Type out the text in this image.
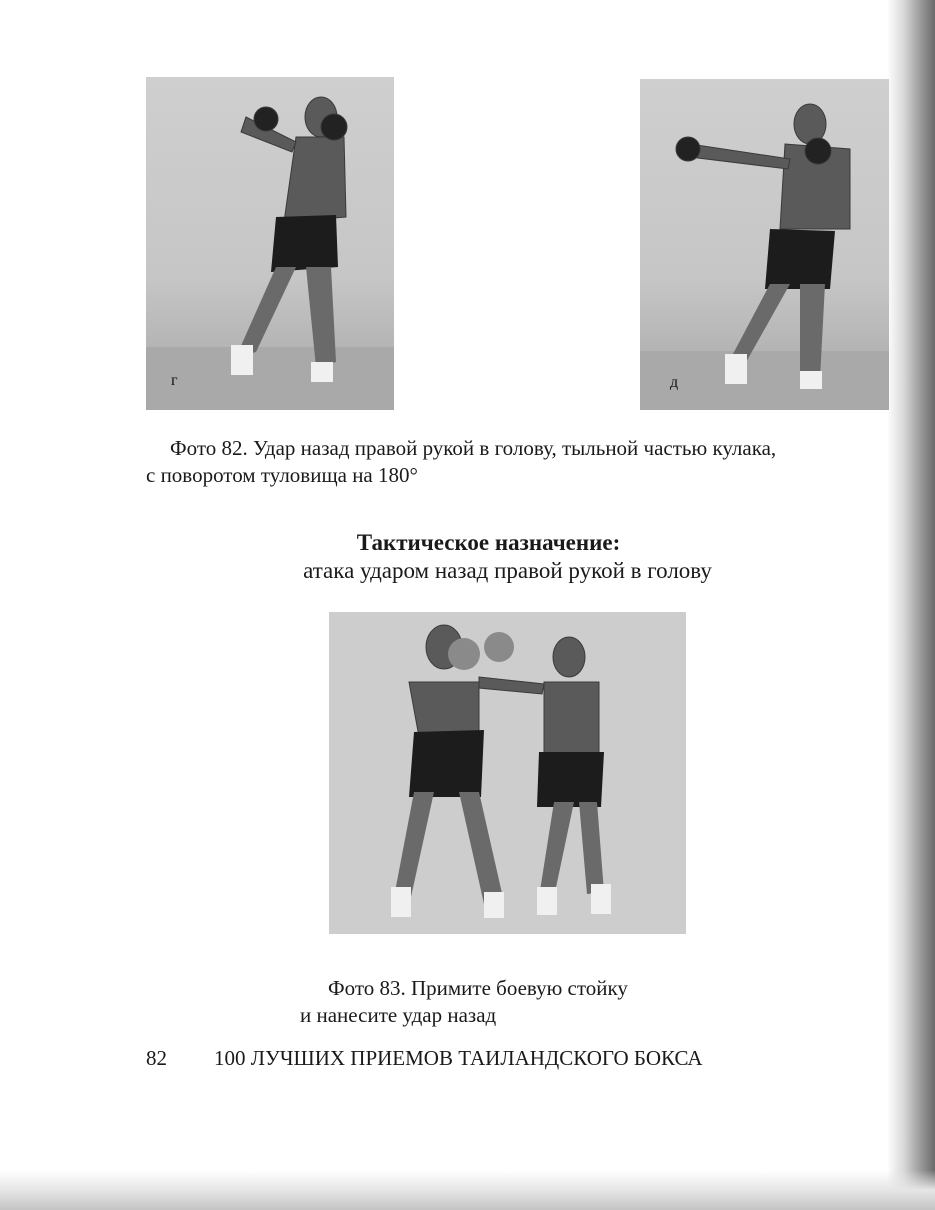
г	д
Фото 82. Удар назад правой рукой в голову, тыльной частью кулака,
с поворотом туловища на 180°
Тактическое назначение:
атака ударом назад правой рукой в голову
Фото 83. Примите боевую стойку
и нанесите удар назад
82 100 ЛУЧШИХ ПРИЕМОВ ТАИЛАНДСКОГО БОКСА
